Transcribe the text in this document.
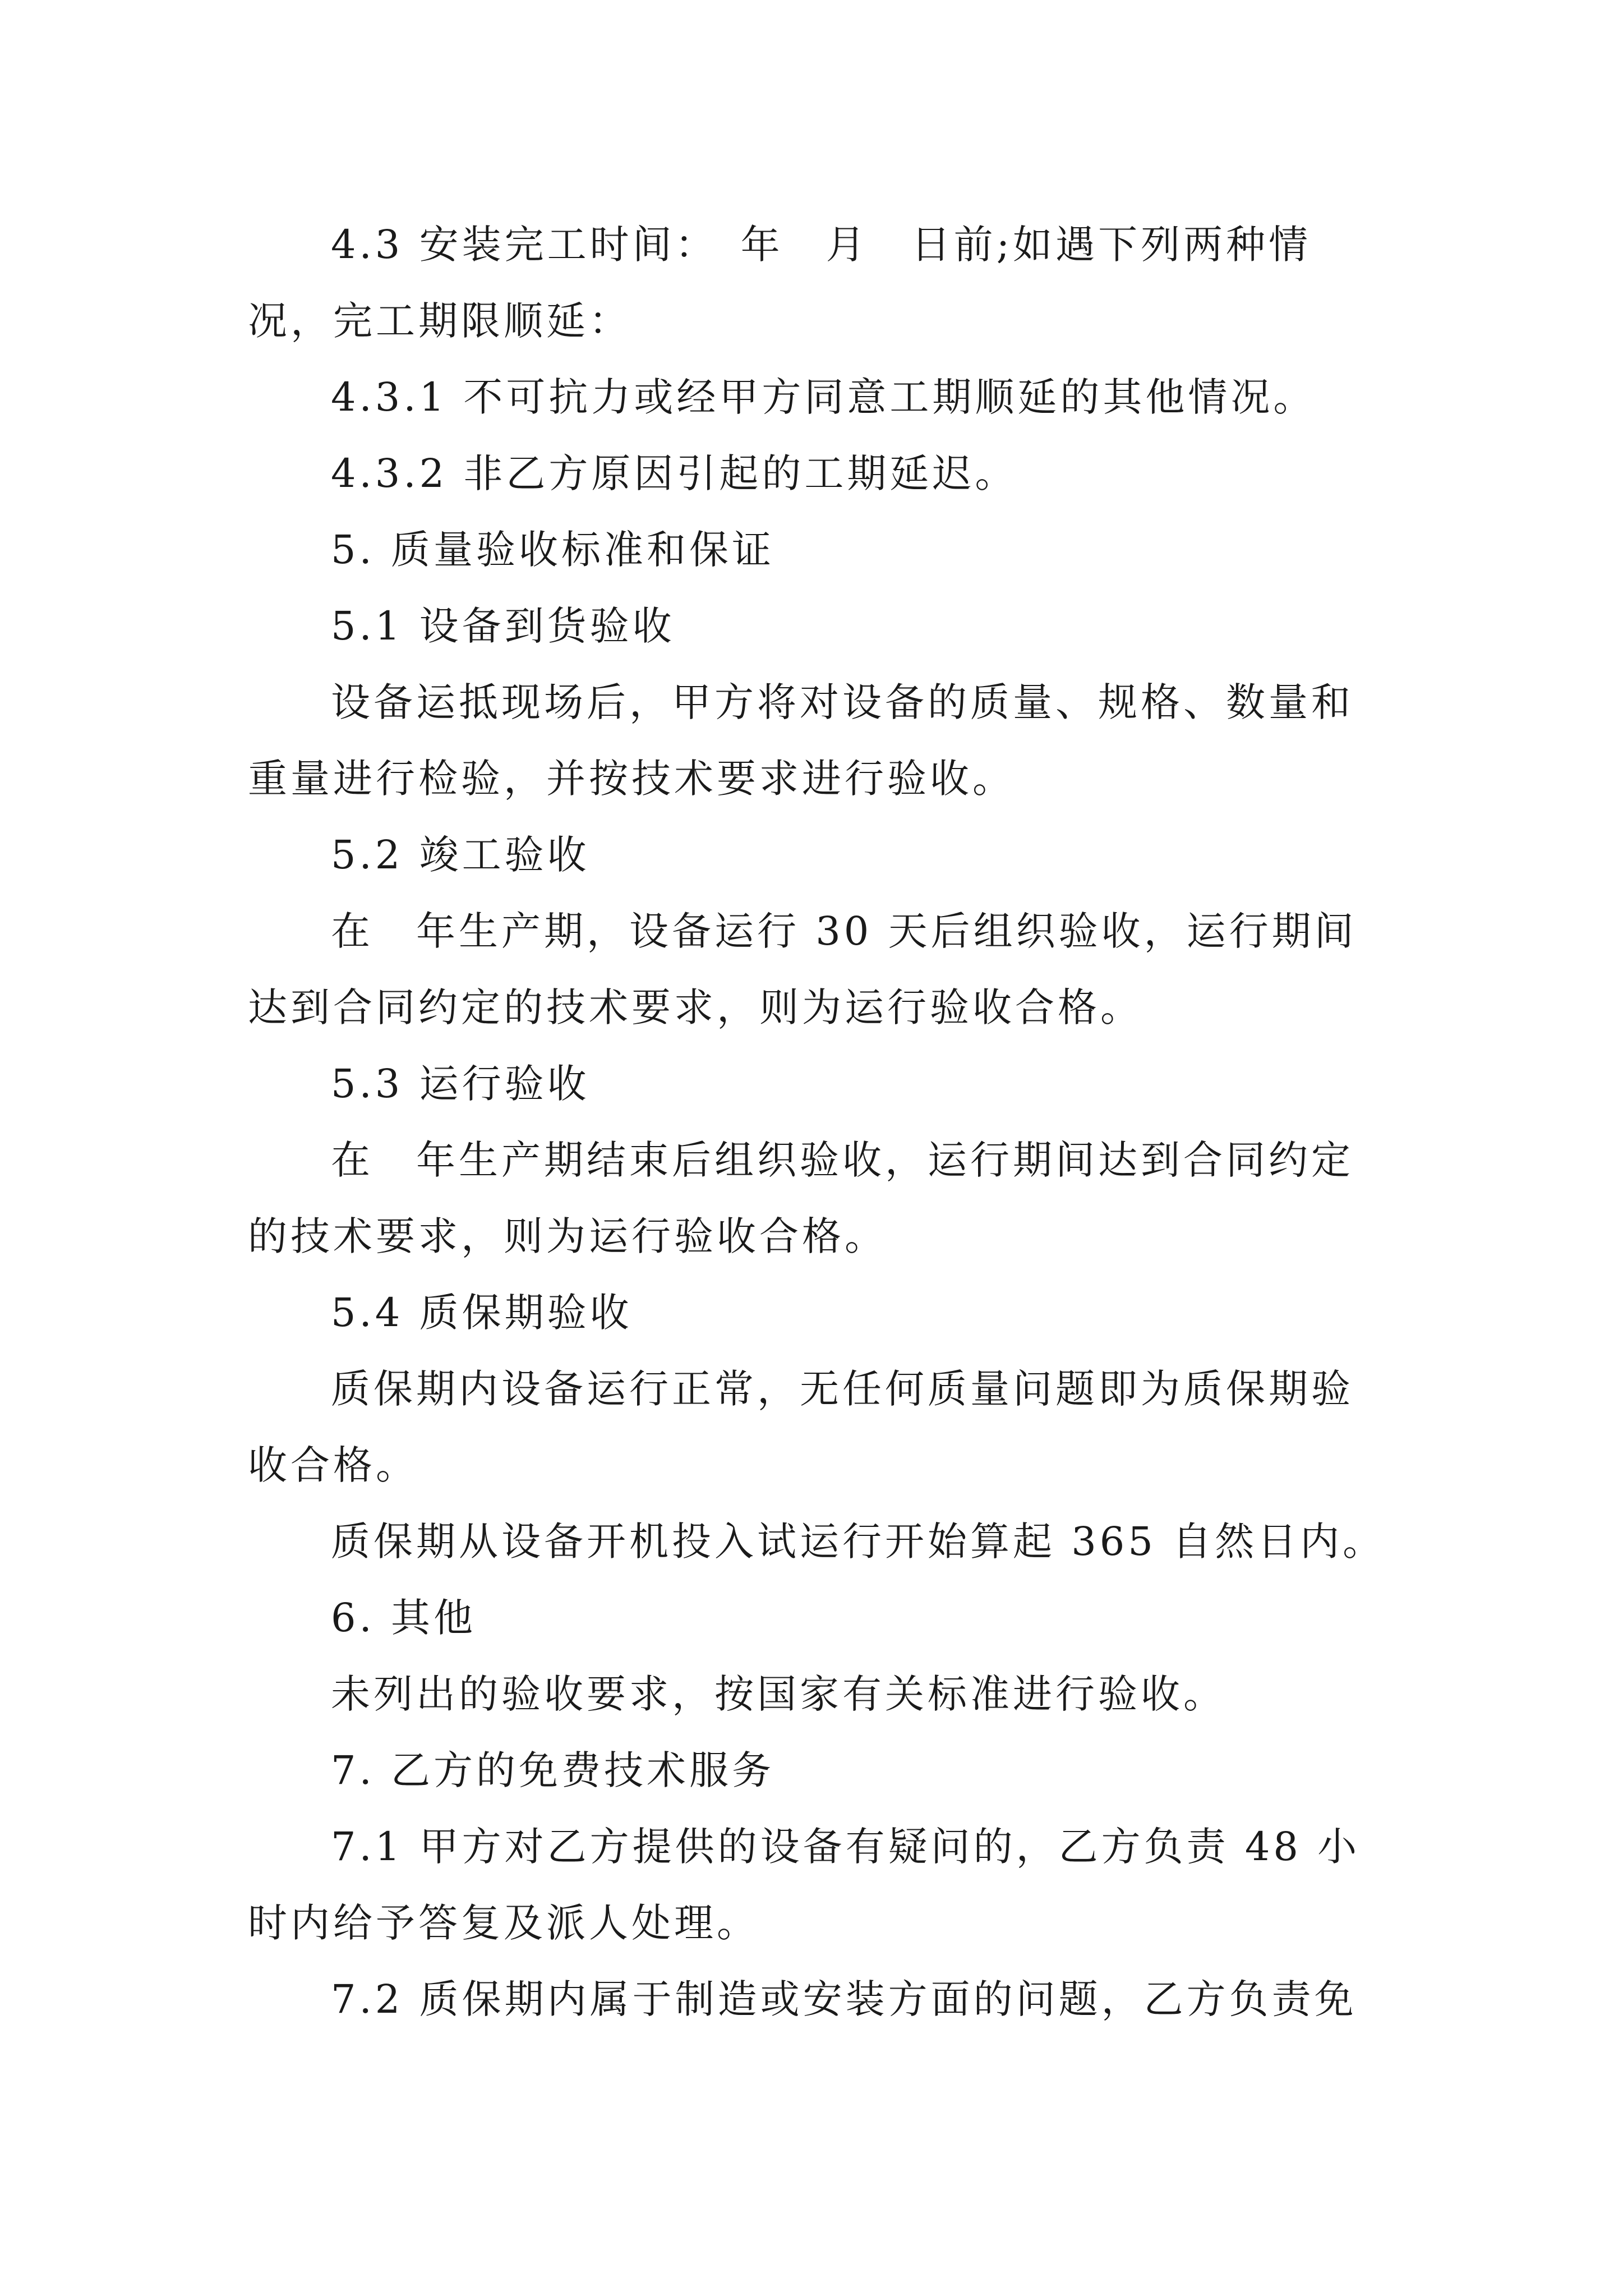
4.3 安装完工时间：　年　月　日前;如遇下列两种情况，完工期限顺延：

4.3.1 不可抗力或经甲方同意工期顺延的其他情况。

4.3.2 非乙方原因引起的工期延迟。

5. 质量验收标准和保证

5.1 设备到货验收

设备运抵现场后，甲方将对设备的质量、规格、数量和重量进行检验，并按技术要求进行验收。

5.2 竣工验收

在　年生产期，设备运行 30 天后组织验收，运行期间达到合同约定的技术要求，则为运行验收合格。

5.3 运行验收

在　年生产期结束后组织验收，运行期间达到合同约定的技术要求，则为运行验收合格。

5.4 质保期验收

质保期内设备运行正常，无任何质量问题即为质保期验收合格。

质保期从设备开机投入试运行开始算起 365 自然日内。

6. 其他

未列出的验收要求，按国家有关标准进行验收。

7. 乙方的免费技术服务

7.1 甲方对乙方提供的设备有疑问的，乙方负责 48 小时内给予答复及派人处理。

7.2 质保期内属于制造或安装方面的问题，乙方负责免
